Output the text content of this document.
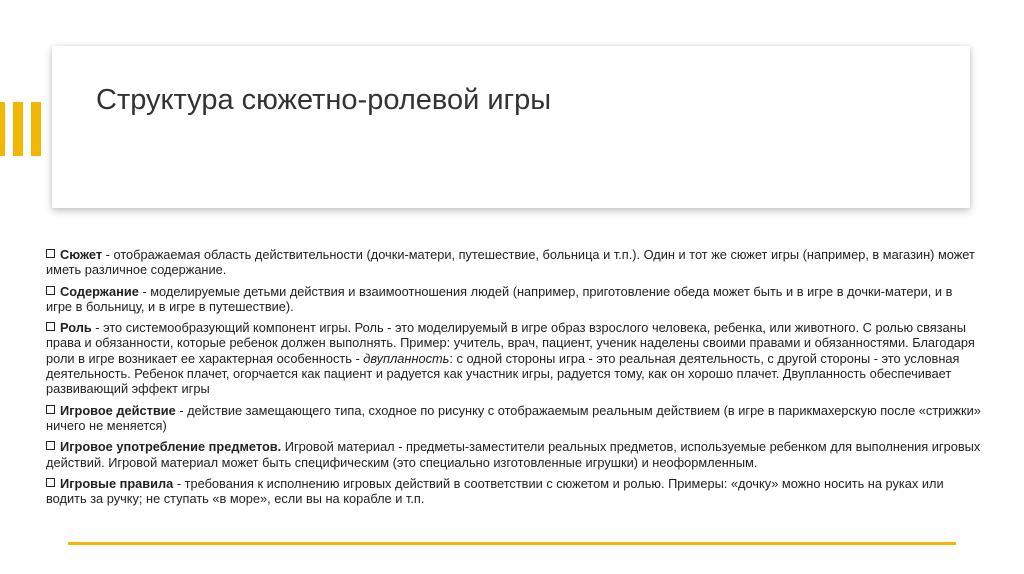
Структура сюжетно-ролевой игры
Сюжет - отображаемая область действительности (дочки-матери, путешествие, больница и т.п.). Один и тот же сюжет игры (например, в магазин) может иметь различное содержание.
Содержание - моделируемые детьми действия и взаимоотношения людей (например, приготовление обеда может быть и в игре в дочки-матери, и в игре в больницу, и в игре в путешествие).
Роль - это системообразующий компонент игры. Роль - это моделируемый в игре образ взрослого человека, ребенка, или животного. С ролью связаны права и обязанности, которые ребенок должен выполнять. Пример: учитель, врач, пациент, ученик наделены своими правами и обязанностями. Благодаря роли в игре возникает ее характерная особенность - двупланность: с одной стороны игра - это реальная деятельность, с другой стороны - это условная деятельность. Ребенок плачет, огорчается как пациент и радуется как участник игры, радуется тому, как он хорошо плачет. Двупланность обеспечивает развивающий эффект игры
Игровое действие - действие замещающего типа, сходное по рисунку с отображаемым реальным действием (в игре в парикмахерскую после «стрижки» ничего не меняется)
Игровое употребление предметов. Игровой материал - предметы-заместители реальных предметов, используемые ребенком для выполнения игровых действий. Игровой материал может быть специфическим (это специально изготовленные игрушки) и неоформленным.
Игровые правила - требования к исполнению игровых действий в соответствии с сюжетом и ролью. Примеры: «дочку» можно носить на руках или водить за ручку; не ступать «в море», если вы на корабле и т.п.
